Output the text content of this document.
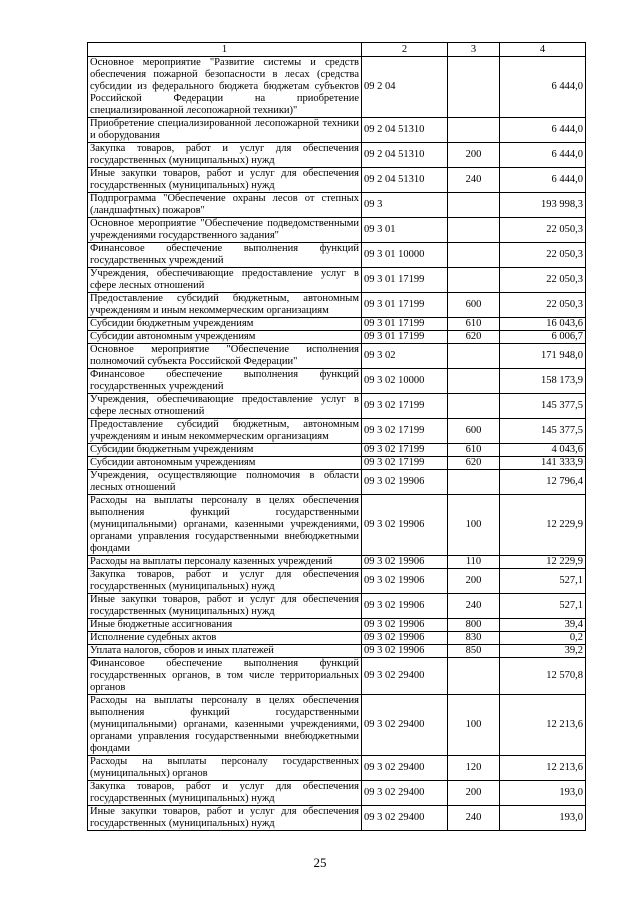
1	2	3	4
Основное мероприятие "Развитие системы и средств обеспечения пожарной безопасности в лесах (средства субсидии из федерального бюджета бюджетам субъектов Российской Федерации на приобретение специализированной лесопожарной техники)"	09 2 04		6 444,0
Приобретение специализированной лесопожарной техники и оборудования	09 2 04 51310		6 444,0
Закупка товаров, работ и услуг для обеспечения государственных (муниципальных) нужд	09 2 04 51310	200	6 444,0
Иные закупки товаров, работ и услуг для обеспечения государственных (муниципальных) нужд	09 2 04 51310	240	6 444,0
Подпрограмма "Обеспечение охраны лесов от степных (ландшафтных) пожаров"	09 3		193 998,3
Основное мероприятие "Обеспечение подведомственными учреждениями государственного задания"	09 3 01		22 050,3
Финансовое обеспечение выполнения функций государственных учреждений	09 3 01 10000		22 050,3
Учреждения, обеспечивающие предоставление услуг в сфере лесных отношений	09 3 01 17199		22 050,3
Предоставление субсидий бюджетным, автономным учреждениям и иным некоммерческим организациям	09 3 01 17199	600	22 050,3
Субсидии бюджетным учреждениям	09 3 01 17199	610	16 043,6
Субсидии автономным учреждениям	09 3 01 17199	620	6 006,7
Основное мероприятие "Обеспечение исполнения полномочий субъекта Российской Федерации"	09 3 02		171 948,0
Финансовое обеспечение выполнения функций государственных учреждений	09 3 02 10000		158 173,9
Учреждения, обеспечивающие предоставление услуг в сфере лесных отношений	09 3 02 17199		145 377,5
Предоставление субсидий бюджетным, автономным учреждениям и иным некоммерческим организациям	09 3 02 17199	600	145 377,5
Субсидии бюджетным учреждениям	09 3 02 17199	610	4 043,6
Субсидии автономным учреждениям	09 3 02 17199	620	141 333,9
Учреждения, осуществляющие полномочия в области лесных отношений	09 3 02 19906		12 796,4
Расходы на выплаты персоналу в целях обеспечения выполнения функций государственными (муниципальными) органами, казенными учреждениями, органами управления государственными внебюджетными фондами	09 3 02 19906	100	12 229,9
Расходы на выплаты персоналу казенных учреждений	09 3 02 19906	110	12 229,9
Закупка товаров, работ и услуг для обеспечения государственных (муниципальных) нужд	09 3 02 19906	200	527,1
Иные закупки товаров, работ и услуг для обеспечения государственных (муниципальных) нужд	09 3 02 19906	240	527,1
Иные бюджетные ассигнования	09 3 02 19906	800	39,4
Исполнение судебных актов	09 3 02 19906	830	0,2
Уплата налогов, сборов и иных платежей	09 3 02 19906	850	39,2
Финансовое обеспечение выполнения функций государственных органов, в том числе территориальных органов	09 3 02 29400		12 570,8
Расходы на выплаты персоналу в целях обеспечения выполнения функций государственными (муниципальными) органами, казенными учреждениями, органами управления государственными внебюджетными фондами	09 3 02 29400	100	12 213,6
Расходы на выплаты персоналу государственных (муниципальных) органов	09 3 02 29400	120	12 213,6
Закупка товаров, работ и услуг для обеспечения государственных (муниципальных) нужд	09 3 02 29400	200	193,0
Иные закупки товаров, работ и услуг для обеспечения государственных (муниципальных) нужд	09 3 02 29400	240	193,0
25
